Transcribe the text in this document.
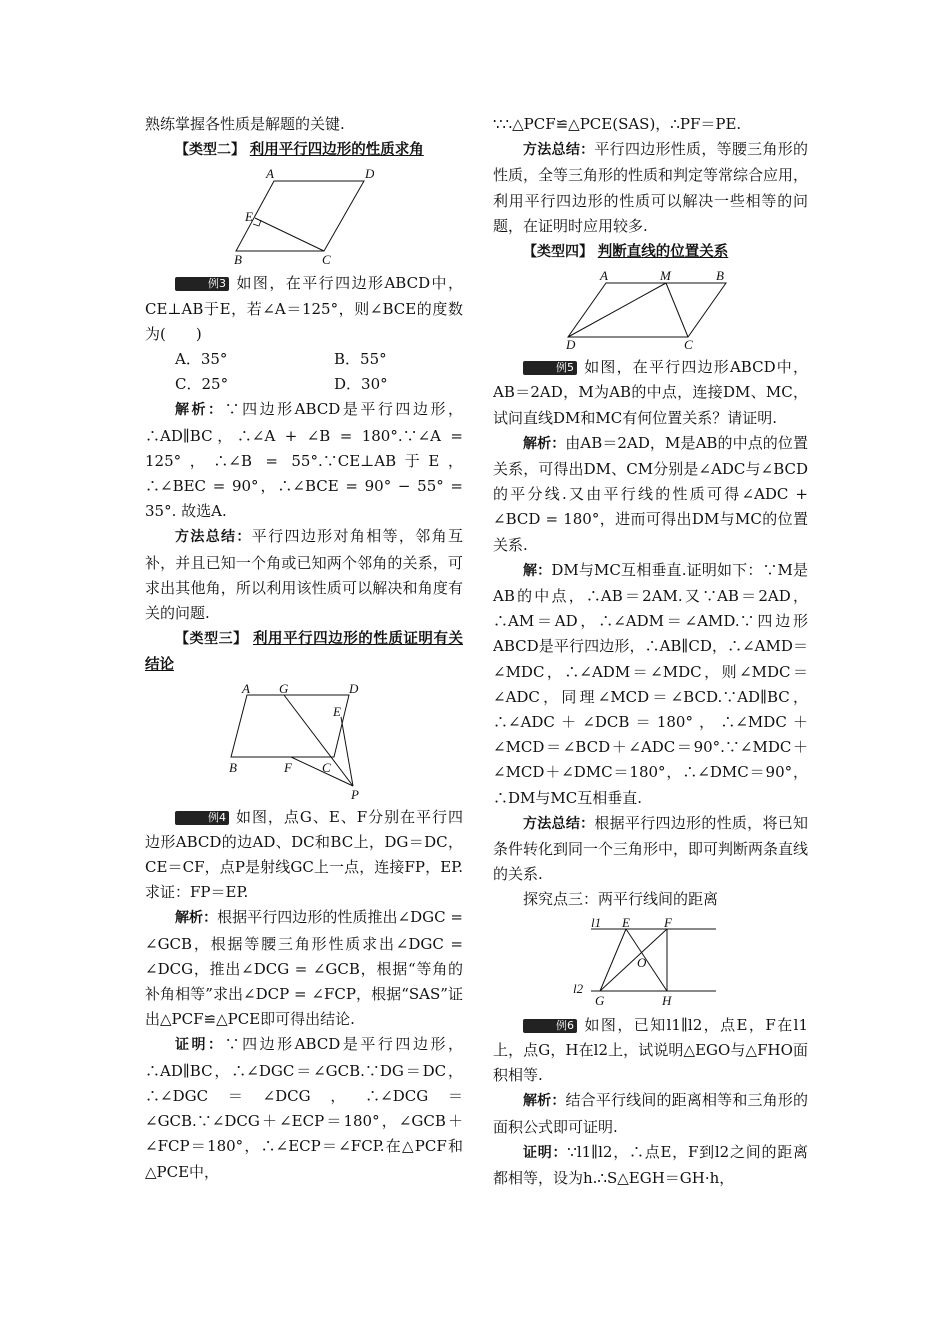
熟练掌握各性质是解题的关键.

【类型二】 利用平行四边形的性质求角

A	D
E
B	C

例3 如图，在平行四边形ABCD中，CE⊥AB于E，若∠A＝125°，则∠BCE的度数为(　　)

A．35°	B．55°
C．25°	D．30°

解析：∵四边形ABCD是平行四边形，∴AD∥BC，∴∠A + ∠B = 180°.∵∠A = 125°，∴∠B = 55°.∵CE⊥AB于E，∴∠BEC = 90°，∴∠BCE = 90° − 55° = 35°. 故选A.

方法总结：平行四边形对角相等，邻角互补，并且已知一个角或已知两个邻角的关系，可求出其他角，所以利用该性质可以解决和角度有关的问题.

【类型三】 利用平行四边形的性质证明有关结论

A G	D
E
B	F C
P

例4 如图，点G、E、F分别在平行四边形ABCD的边AD、DC和BC上，DG＝DC，CE＝CF，点P是射线GC上一点，连接FP，EP.求证：FP＝EP.

解析：根据平行四边形的性质推出∠DGC = ∠GCB，根据等腰三角形性质求出∠DGC = ∠DCG，推出∠DCG = ∠GCB，根据“等角的补角相等”求出∠DCP = ∠FCP，根据“SAS”证出△PCF≌△PCE即可得出结论.

证明：∵四边形ABCD是平行四边形，∴AD∥BC，∴∠DGC＝∠GCB.∵DG＝DC，∴∠DGC＝∠DCG，∴∠DCG＝∠GCB.∵∠DCG＋∠ECP＝180°，∠GCB＋∠FCP＝180°，∴∠ECP＝∠FCP.在△PCF和△PCE中，

∵∴△PCF≌△PCE(SAS)，∴PF＝PE.

方法总结：平行四边形性质，等腰三角形的性质，全等三角形的性质和判定等常综合应用，利用平行四边形的性质可以解决一些相等的问题，在证明时应用较多.

【类型四】 判断直线的位置关系

A	M	B
D	C

例5 如图，在平行四边形ABCD中，AB＝2AD，M为AB的中点，连接DM、MC，试问直线DM和MC有何位置关系？请证明.

解析：由AB＝2AD，M是AB的中点的位置关系，可得出DM、CM分别是∠ADC与∠BCD的平分线.又由平行线的性质可得∠ADC + ∠BCD = 180°，进而可得出DM与MC的位置关系.

解：DM与MC互相垂直.证明如下：∵M是AB的中点，∴AB＝2AM.又∵AB＝2AD，∴AM＝AD，∴∠ADM＝∠AMD.∵四边形ABCD是平行四边形，∴AB∥CD，∴∠AMD＝∠MDC，∴∠ADM＝∠MDC，则∠MDC＝∠ADC，同理∠MCD＝∠BCD.∵AD∥BC，∴∠ADC＋∠DCB＝180°，∴∠MDC＋∠MCD＝∠BCD＋∠ADC＝90°.∵∠MDC＋∠MCD＋∠DMC＝180°，∴∠DMC＝90°，∴DM与MC互相垂直.

方法总结：根据平行四边形的性质，将已知条件转化到同一个三角形中，即可判断两条直线的关系.

探究点三：两平行线间的距离

l1 E	F
O
l2
G	H

例6 如图，已知l1∥l2，点E，F在l1上，点G，H在l2上，试说明△EGO与△FHO面积相等.

解析：结合平行线间的距离相等和三角形的面积公式即可证明.

证明：∵l1∥l2，∴点E，F到l2之间的距离都相等，设为h.∴S△EGH＝GH·h，
